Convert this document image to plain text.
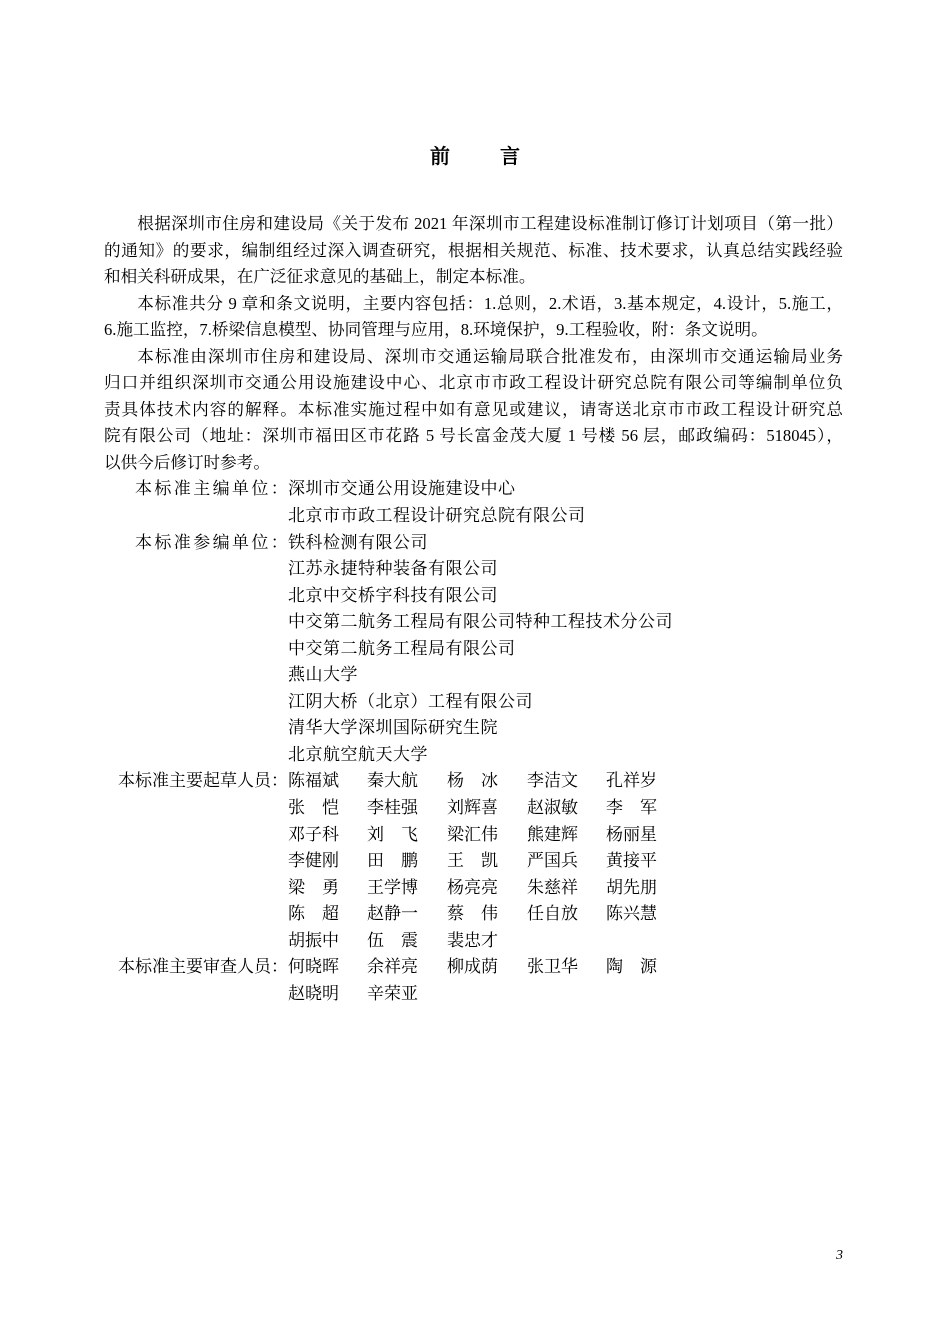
前言
根据深圳市住房和建设局《关于发布 2021 年深圳市工程建设标准制订修订计划项目（第一批）
的通知》的要求，编制组经过深入调查研究，根据相关规范、标准、技术要求，认真总结实践经验
和相关科研成果，在广泛征求意见的基础上，制定本标准。
本标准共分 9 章和条文说明，主要内容包括：1.总则，2.术语，3.基本规定，4.设计，5.施工，
6.施工监控，7.桥梁信息模型、协同管理与应用，8.环境保护，9.工程验收，附：条文说明。
本标准由深圳市住房和建设局、深圳市交通运输局联合批准发布，由深圳市交通运输局业务
归口并组织深圳市交通公用设施建设中心、北京市市政工程设计研究总院有限公司等编制单位负
责具体技术内容的解释。本标准实施过程中如有意见或建议，请寄送北京市市政工程设计研究总
院有限公司（地址：深圳市福田区市花路 5 号长富金茂大厦 1 号楼 56 层，邮政编码：518045），
以供今后修订时参考。
本标准主编单位：
深圳市交通公用设施建设中心
北京市市政工程设计研究总院有限公司
本标准参编单位：
铁科检测有限公司
江苏永捷特种装备有限公司
北京中交桥宇科技有限公司
中交第二航务工程局有限公司特种工程技术分公司
中交第二航务工程局有限公司
燕山大学
江阴大桥（北京）工程有限公司
清华大学深圳国际研究生院
北京航空航天大学
本标准主要起草人员： 陈福斌 秦大航 杨　冰 李洁文 孔祥岁
张　恺 李桂强 刘辉喜 赵淑敏 李　军
邓子科 刘　飞 梁汇伟 熊建辉 杨丽星
李健刚 田　鹏 王　凯 严国兵 黄接平
梁　勇 王学博 杨亮亮 朱慈祥 胡先朋
陈　超 赵静一 蔡　伟 任自放 陈兴慧
胡振中 伍　震 裴忠才
本标准主要审查人员： 何晓晖 余祥亮 柳成荫 张卫华 陶　源
赵晓明 辛荣亚
3
